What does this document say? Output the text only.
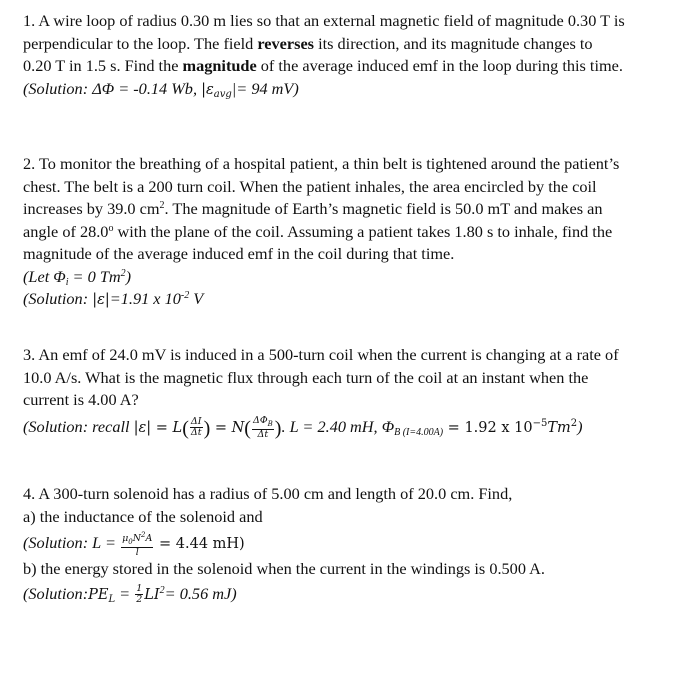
1. A wire loop of radius 0.30 m lies so that an external magnetic field of magnitude 0.30 T is
perpendicular to the loop. The field reverses its direction, and its magnitude changes to
0.20 T in 1.5 s. Find the magnitude of the average induced emf in the loop during this time.
(Solution: ΔΦ = -0.14 Wb, $|\varepsilon_{avg}|= 94$ mV)
2. To monitor the breathing of a hospital patient, a thin belt is tightened around the patient’s
chest. The belt is a 200 turn coil. When the patient inhales, the area encircled by the coil
increases by 39.0 $cm^2$. The magnitude of Earth’s magnetic field is 50.0 mT and makes an
angle of 28.0$^o$ with the plane of the coil. Assuming a patient takes 1.80 s to inhale, find the
magnitude of the average induced emf in the coil during that time.
(Let $\Phi_i = 0$ Tm$^2$)
(Solution: |ε|=1.91 x $10^{-2}$ V
3. An emf of 24.0 mV is induced in a 500-turn coil when the current is changing at a rate of
10.0 A/s. What is the magnetic flux through each turn of the coil at an instant when the
current is 4.00 A?
(Solution: recall $|\varepsilon| = L( \frac{\Delta I}{\Delta t}$ ) = $N( \frac{\Delta\Phi_B}{\Delta t}$ ). L = 2.40 mH, $\Phi_{B (I=4.00A)} = 1.92$ x $10^{-5}Tm^2$)
4. A 300-turn solenoid has a radius of 5.00 cm and length of 20.0 cm. Find,
a) the inductance of the solenoid and
(Solution: $L = \frac{\mu_0N^2A}{l} = 4.44$ mH)
b) the energy stored in the solenoid when the current in the windings is 0.500 A.
($Solution:PE_L = \frac{1}{2} LI^2= 0.56$ mJ)
